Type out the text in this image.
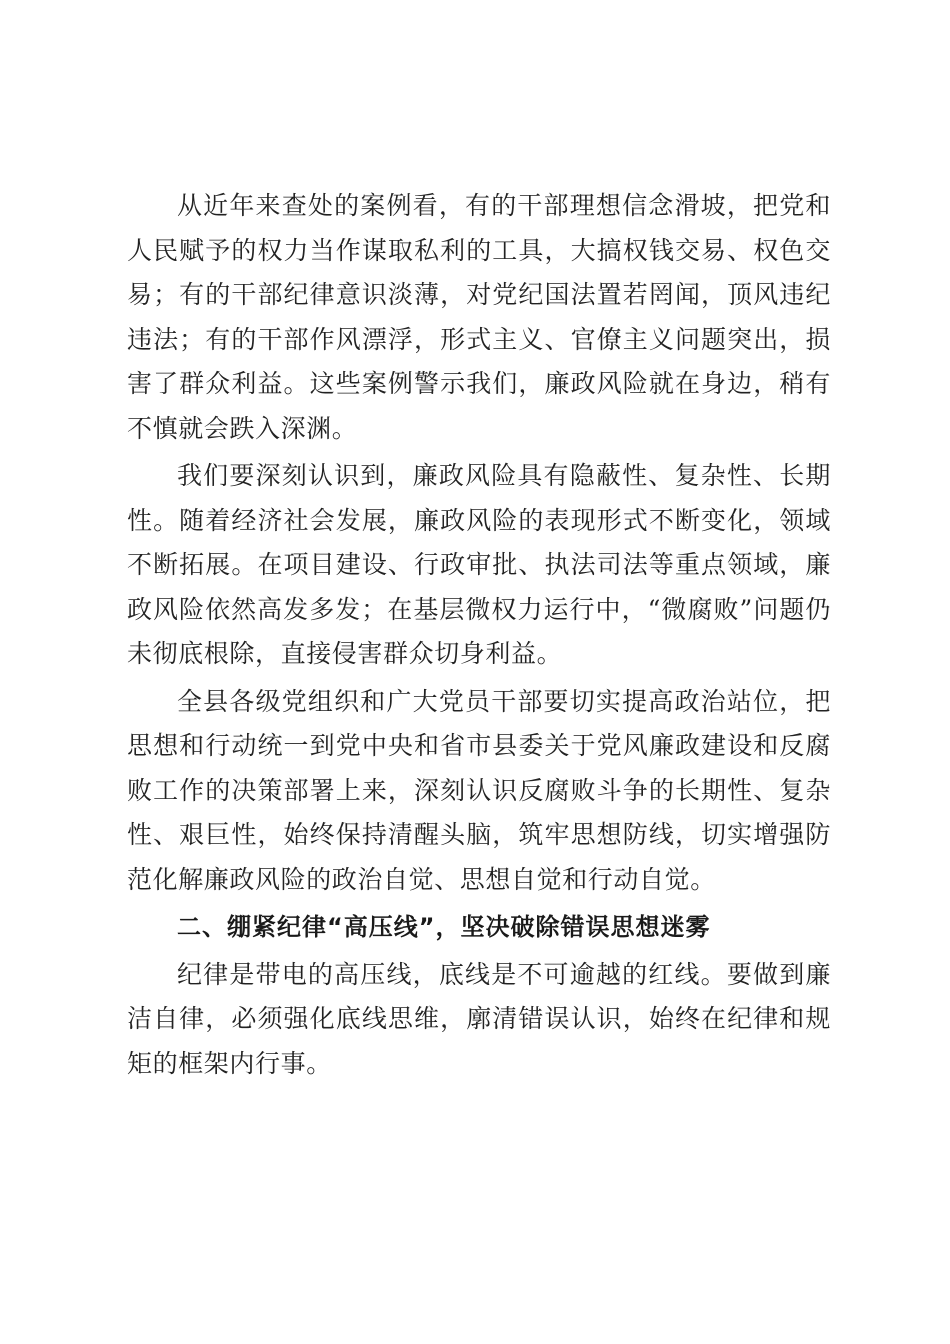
从近年来查处的案例看，有的干部理想信念滑坡，把党和人民赋予的权力当作谋取私利的工具，大搞权钱交易、权色交易；有的干部纪律意识淡薄，对党纪国法置若罔闻，顶风违纪违法；有的干部作风漂浮，形式主义、官僚主义问题突出，损害了群众利益。这些案例警示我们，廉政风险就在身边，稍有不慎就会跌入深渊。

我们要深刻认识到，廉政风险具有隐蔽性、复杂性、长期性。随着经济社会发展，廉政风险的表现形式不断变化，领域不断拓展。在项目建设、行政审批、执法司法等重点领域，廉政风险依然高发多发；在基层微权力运行中，“微腐败”问题仍未彻底根除，直接侵害群众切身利益。

全县各级党组织和广大党员干部要切实提高政治站位，把思想和行动统一到党中央和省市县委关于党风廉政建设和反腐败工作的决策部署上来，深刻认识反腐败斗争的长期性、复杂性、艰巨性，始终保持清醒头脑，筑牢思想防线，切实增强防范化解廉政风险的政治自觉、思想自觉和行动自觉。

二、绷紧纪律“高压线”，坚决破除错误思想迷雾

纪律是带电的高压线，底线是不可逾越的红线。要做到廉洁自律，必须强化底线思维，廓清错误认识，始终在纪律和规矩的框架内行事。
